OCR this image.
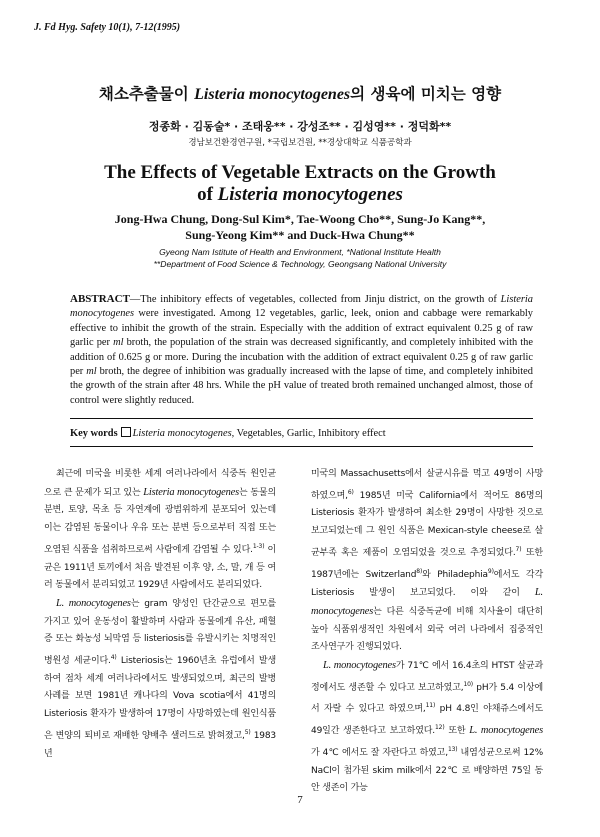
J. Fd Hyg. Safety 10(1), 7-12(1995)
채소추출물이 Listeria monocytogenes의 생육에 미치는 영향
정종화 · 김동술* · 조태웅** · 강성조** · 김성영** · 정덕화**
경남보건환경연구원, *국립보건원, **경상대학교 식품공학과
The Effects of Vegetable Extracts on the Growth
of Listeria monocytogenes
Jong-Hwa Chung, Dong-Sul Kim*, Tae-Woong Cho**, Sung-Jo Kang**,
Sung-Yeong Kim** and Duck-Hwa Chung**
Gyeong Nam Istitute of Health and Environment, *National Institute Health
**Department of Food Science & Technology, Geongsang National University
ABSTRACT—The inhibitory effects of vegetables, collected from Jinju district, on the growth of Listeria monocytogenes were investigated. Among 12 vegetables, garlic, leek, onion and cabbage were remarkably effective to inhibit the growth of the strain. Especially with the addition of extract equivalent 0.25 g of raw garlic per ml broth, the population of the strain was decreased significantly, and completely inhibited with the addition of 0.625 g or more. During the incubation with the addition of extract equivalent 0.25 g of raw garlic per ml broth, the degree of inhibition was gradually increased with the lapse of time, and completely inhibited the growth of the strain after 48 hrs. While the pH value of treated broth remained unchanged almost, those of control were slightly reduced.
Key words Listeria monocytogenes, Vegetables, Garlic, Inhibitory effect

최근에 미국을 비롯한 세계 여러나라에서 식중독 원인균으로 큰 문제가 되고 있는 Listeria monocytogenes는 동물의 분변, 토양, 목초 등 자연계에 광범위하게 분포되어 있는데 이는 감염된 동물이나 우유 또는 분변 등으로부터 직접 또는 오염된 식품을 섭취하므로써 사람에게 감염될 수 있다.$^{1-3)}$ 이 균은 1911년 토끼에서 처음 발견된 이후 양, 소, 말, 개 등 여러 동물에서 분리되었고 1929년 사람에서도 분리되었다.

L. monocytogenes는 gram 양성인 단간균으로 편모를 가지고 있어 운동성이 활발하며 사람과 동물에게 유산, 패혈증 또는 화농성 뇌막염 등 listeriosis를 유발시키는 치명적인 병원성 세균이다.$^{4)}$ Listeriosis는 1960년초 유럽에서 발생하여 점차 세계 여러나라에서도 발생되었으며, 최근의 발병사례를 보면 1981년 캐나다의 Vova scotia에서 41명의 Listeriosis 환자가 발생하여 17명이 사망하였는데 원인식품은 변양의 퇴비로 재배한 양배추 샐러드로 밝혀졌고,$^{5)}$ 1983년

미국의 Massachusetts에서 살균시유를 먹고 49명이 사망하였으며,$^{6)}$ 1985년 미국 California에서 적어도 86명의 Listeriosis 환자가 발생하여 최소한 29명이 사망한 것으로 보고되었는데 그 원인 식품은 Mexican-style cheese로 살균부족 혹은 제품이 오염되었을 것으로 추정되었다.$^{7)}$ 또한 1987년에는 Switzerland$^{8)}$와 Philadephia$^{9)}$에서도 각각 Listeriosis 발생이 보고되었다. 이와 같이 L. monocytogenes는 다른 식중독균에 비해 치사율이 대단히 높아 식품위생적인 차원에서 외국 여러 나라에서 집중적인 조사연구가 진행되었다.

L. monocytogenes가 71℃ 에서 16.4초의 HTST 살균과정에서도 생존할 수 있다고 보고하였고,$^{10)}$ pH가 5.4 이상에서 자랄 수 있다고 하였으며,$^{11)}$ pH 4.8인 야채쥬스에서도 49일간 생존한다고 보고하였다.$^{12)}$ 또한 L. monocytogenes가 4℃ 에서도 잘 자란다고 하였고,$^{13)}$ 내염성균으로써 12% NaCl이 첨가된 skim milk에서 22℃ 로 배양하면 75일 동안 생존이 가능

7
